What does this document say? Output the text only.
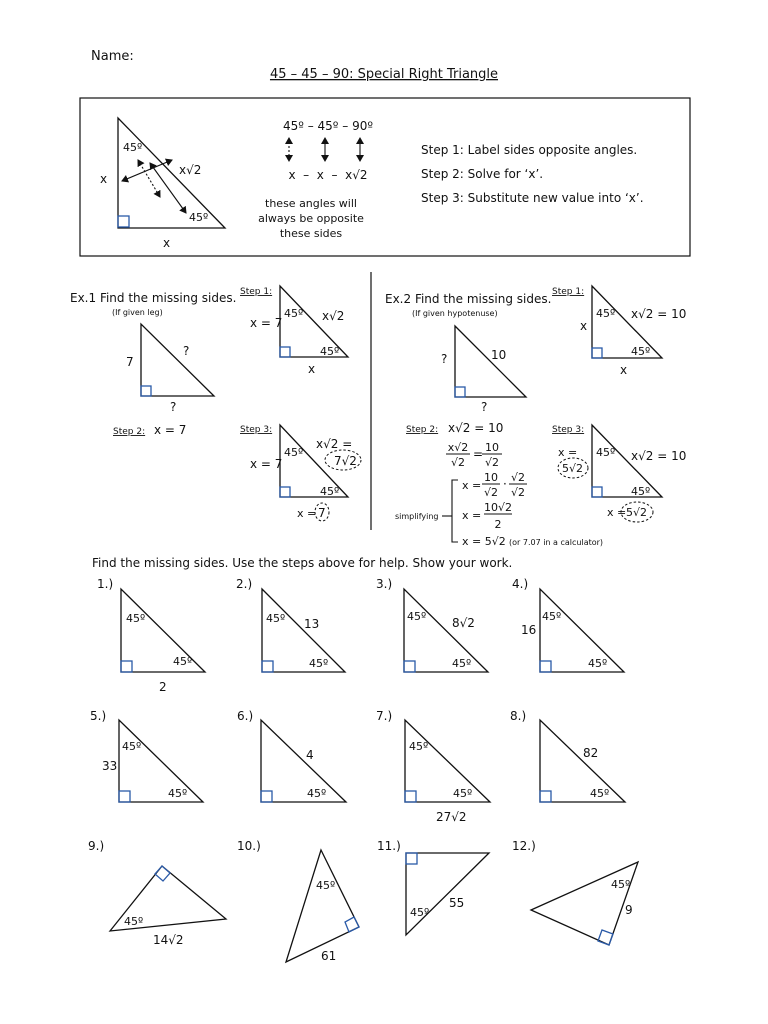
Name:
45 – 45 – 90: Special Right Triangle
45º
45º
x
x
x√2
45º – 45º – 90º
x  –  x  –  x√2
these angles will
always be opposite
these sides
Step 1: Label sides opposite angles.
Step 2: Solve for ‘x’.
Step 3: Substitute new value into ‘x’.
Ex.1 Find the missing sides.
(If given leg)
7
?
?
Step 1:
x = 7
45º
45º
x√2
x
Step 2: x = 7	Step 3:
x = 7
45º
45º
x√2 =
7√2
x = 7
Ex.2 Find the missing sides.
(If given hypotenuse)
10
?
?
Step 1:
45º
45º
x√2 = 10
x
x
Step 2: x√2 = 10
x√2
√2
= 10
√2
x =
10
√2
· √2
√2
simplifying x =
10√2
2
x = 5√2 (or 7.07 in a calculator)
Step 3:
x =
5√2
45º
45º
x√2 = 10
x = 5√2
Find the missing sides. Use the steps above for help. Show your work.
1.)
45º
45º
2
2.)
45º
45º
13
3.)
45º
45º
8√2
4.)
45º
45º
16
5.)
45º
45º
33
6.)
45º
4
7.)
45º
45º
27√2
8.)
45º
82
9.)
45º
14√2
10.)
45º
61
11.)
45º
55
12.)
45º
9
